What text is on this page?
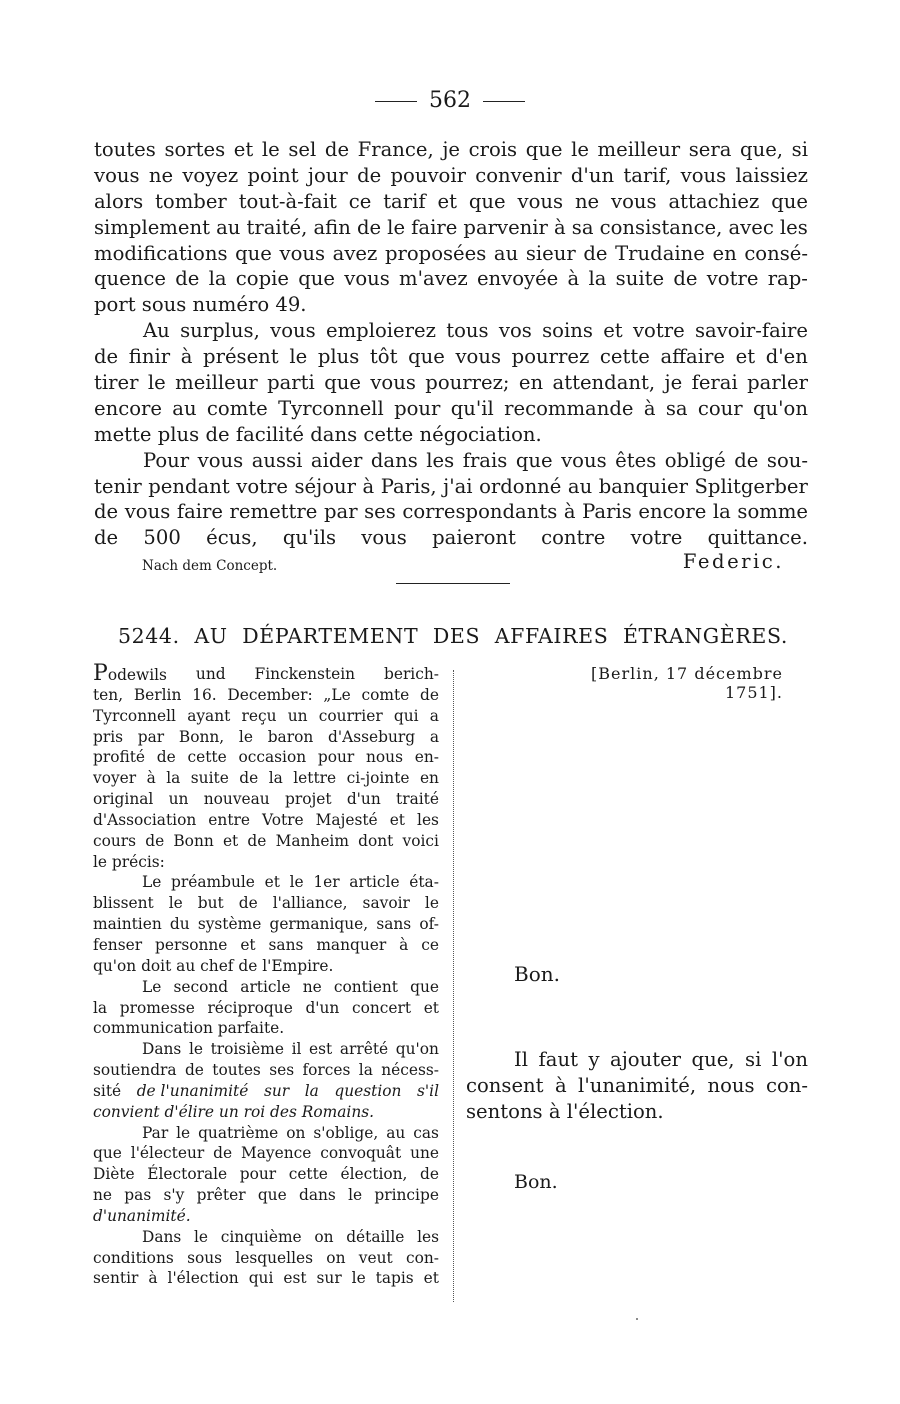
562
toutes sortes et le sel de France, je crois que le meilleur sera que, si
vous ne voyez point jour de pouvoir convenir d'un tarif, vous laissiez
alors tomber tout-à-fait ce tarif et que vous ne vous attachiez que
simplement au traité, afin de le faire parvenir à sa consistance, avec les
modifications que vous avez proposées au sieur de Trudaine en consé-
quence de la copie que vous m'avez envoyée à la suite de votre rap-
port sous numéro 49.
Au surplus, vous emploierez tous vos soins et votre savoir-faire
de finir à présent le plus tôt que vous pourrez cette affaire et d'en
tirer le meilleur parti que vous pourrez; en attendant, je ferai parler
encore au comte Tyrconnell pour qu'il recommande à sa cour qu'on
mette plus de facilité dans cette négociation.
Pour vous aussi aider dans les frais que vous êtes obligé de sou-
tenir pendant votre séjour à Paris, j'ai ordonné au banquier Splitgerber
de vous faire remettre par ses correspondants à Paris encore la somme
de 500 écus, qu'ils vous paieront contre votre quittance.
Nach dem Concept.	Federic.
5244. AU DÉPARTEMENT DES AFFAIRES ÉTRANGÈRES.
Podewils und Finckenstein berich-
ten, Berlin 16. December: „Le comte de
Tyrconnell ayant reçu un courrier qui a
pris par Bonn, le baron d'Asseburg a
profité de cette occasion pour nous en-
voyer à la suite de la lettre ci-jointe en
original un nouveau projet d'un traité
d'Association entre Votre Majesté et les
cours de Bonn et de Manheim dont voici
le précis:
Le préambule et le 1er article éta-
blissent le but de l'alliance, savoir le
maintien du système germanique, sans of-
fenser personne et sans manquer à ce
qu'on doit au chef de l'Empire.
Le second article ne contient que
la promesse réciproque d'un concert et
communication parfaite.
Dans le troisième il est arrêté qu'on
soutiendra de toutes ses forces la nécess-
sité de l'unanimité sur la question s'il
convient d'élire un roi des Romains.
Par le quatrième on s'oblige, au cas
que l'électeur de Mayence convoquât une
Diète Électorale pour cette élection, de
ne pas s'y prêter que dans le principe
d'unanimité.
Dans le cinquième on détaille les
conditions sous lesquelles on veut con-
sentir à l'élection qui est sur le tapis et
[Berlin, 17 décembre 1751].
Bon.
Il faut y ajouter que, si l'on
consent à l'unanimité, nous con-
sentons à l'élection.
Bon.
